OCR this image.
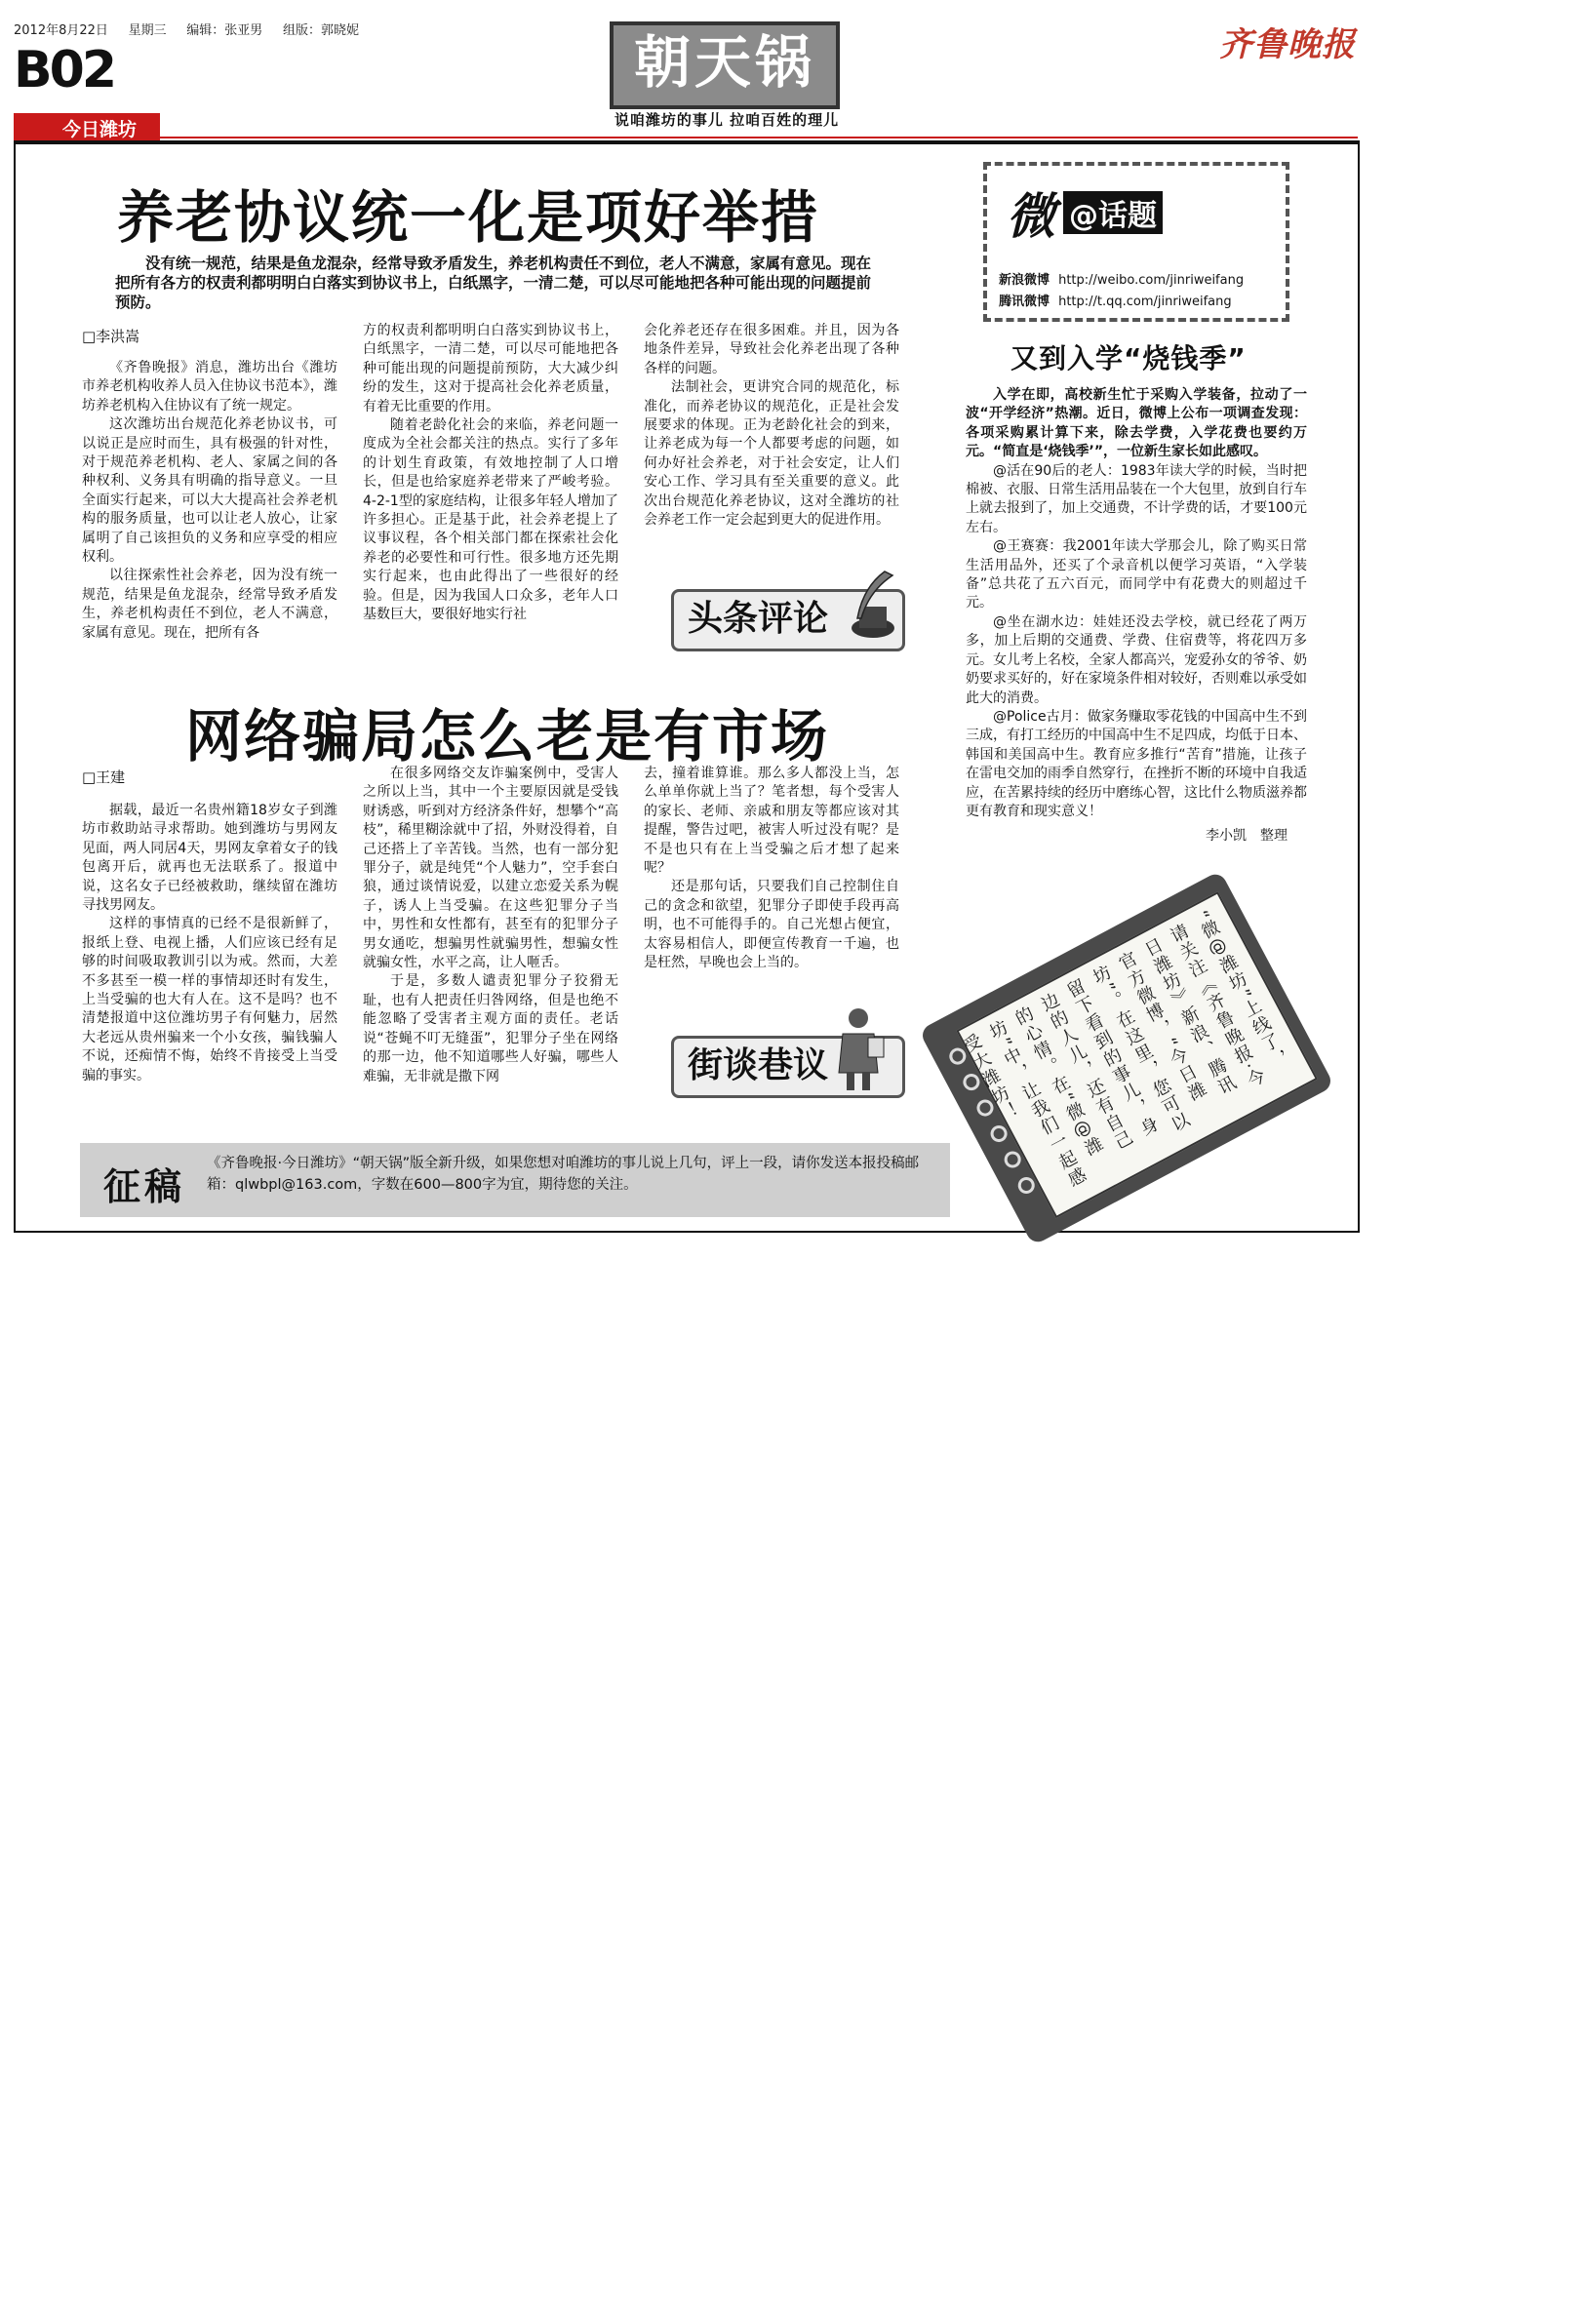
2012年8月22日 星期三 编辑：张亚男 组版：郭晓妮
B02
今日潍坊
朝天锅
说咱潍坊的事儿 拉咱百姓的理儿
齐鲁晚报
养老协议统一化是项好举措
没有统一规范，结果是鱼龙混杂，经常导致矛盾发生，养老机构责任不到位，老人不满意，家属有意见。现在把所有各方的权责利都明明白白落实到协议书上，白纸黑字，一清二楚，可以尽可能地把各种可能出现的问题提前预防。
□李洪嵩

《齐鲁晚报》消息，潍坊出台《潍坊市养老机构收养人员入住协议书范本》，潍坊养老机构入住协议有了统一规定。

这次潍坊出台规范化养老协议书，可以说正是应时而生，具有极强的针对性，对于规范养老机构、老人、家属之间的各种权利、义务具有明确的指导意义。一旦全面实行起来，可以大大提高社会养老机构的服务质量，也可以让老人放心，让家属明了自己该担负的义务和应享受的相应权利。

以往探索性社会养老，因为没有统一规范，结果是鱼龙混杂，经常导致矛盾发生，养老机构责任不到位，老人不满意，家属有意见。现在，把所有各

方的权责利都明明白白落实到协议书上，白纸黑字，一清二楚，可以尽可能地把各种可能出现的问题提前预防，大大减少纠纷的发生，这对于提高社会化养老质量，有着无比重要的作用。

随着老龄化社会的来临，养老问题一度成为全社会都关注的热点。实行了多年的计划生育政策，有效地控制了人口增长，但是也给家庭养老带来了严峻考验。4-2-1型的家庭结构，让很多年轻人增加了许多担心。正是基于此，社会养老提上了议事议程，各个相关部门都在探索社会化养老的必要性和可行性。很多地方还先期实行起来，也由此得出了一些很好的经验。但是，因为我国人口众多，老年人口基数巨大，要很好地实行社

会化养老还存在很多困难。并且，因为各地条件差异，导致社会化养老出现了各种各样的问题。

法制社会，更讲究合同的规范化，标准化，而养老协议的规范化，正是社会发展要求的体现。正为老龄化社会的到来，让养老成为每一个人都要考虑的问题，如何办好社会养老，对于社会安定，让人们安心工作、学习具有至关重要的意义。此次出台规范化养老协议，这对全潍坊的社会养老工作一定会起到更大的促进作用。

头条评论
网络骗局怎么老是有市场
□王建

据载，最近一名贵州籍18岁女子到潍坊市救助站寻求帮助。她到潍坊与男网友见面，两人同居4天，男网友拿着女子的钱包离开后，就再也无法联系了。报道中说，这名女子已经被救助，继续留在潍坊寻找男网友。

这样的事情真的已经不是很新鲜了，报纸上登、电视上播，人们应该已经有足够的时间吸取教训引以为戒。然而，大差不多甚至一模一样的事情却还时有发生，上当受骗的也大有人在。这不是吗？也不清楚报道中这位潍坊男子有何魅力，居然大老远从贵州骗来一个小女孩，骗钱骗人不说，还痴情不悔，始终不肯接受上当受骗的事实。

在很多网络交友诈骗案例中，受害人之所以上当，其中一个主要原因就是受钱财诱惑，听到对方经济条件好，想攀个“高枝”，稀里糊涂就中了招，外财没得着，自己还搭上了辛苦钱。当然，也有一部分犯罪分子，就是纯凭“个人魅力”，空手套白狼，通过谈情说爱，以建立恋爱关系为幌子，诱人上当受骗。在这些犯罪分子当中，男性和女性都有，甚至有的犯罪分子男女通吃，想骗男性就骗男性，想骗女性就骗女性，水平之高，让人咂舌。

于是，多数人谴责犯罪分子狡猾无耻，也有人把责任归咎网络，但是也绝不能忽略了受害者主观方面的责任。老话说“苍蝇不叮无缝蛋”，犯罪分子坐在网络的那一边，他不知道哪些人好骗，哪些人难骗，无非就是撒下网

去，撞着谁算谁。那么多人都没上当，怎么单单你就上当了？笔者想，每个受害人的家长、老师、亲戚和朋友等都应该对其提醒，警告过吧，被害人听过没有呢？是不是也只有在上当受骗之后才想了起来呢？

还是那句话，只要我们自己控制住自己的贪念和欲望，犯罪分子即使手段再高明，也不可能得手的。自己光想占便宜，太容易相信人，即便宣传教育一千遍，也是枉然，早晚也会上当的。

街谈巷议
征稿
《齐鲁晚报·今日潍坊》“朝天锅”版全新升级，如果您想对咱潍坊的事儿说上几句，评上一段，请你发送本报投稿邮箱：qlwbpl@163.com，字数在600—800字为宜，期待您的关注。
微 @话题
新浪微博 http://weibo.com/jinriweifang
腾讯微博 http://t.qq.com/jinriweifang
又到入学“烧钱季”

入学在即，高校新生忙于采购入学装备，拉动了一波“开学经济”热潮。近日，微博上公布一项调查发现：各项采购累计算下来，除去学费，入学花费也要约万元。“简直是‘烧钱季’”，一位新生家长如此感叹。

@活在90后的老人：1983年读大学的时候，当时把棉被、衣服、日常生活用品装在一个大包里，放到自行车上就去报到了，加上交通费，不计学费的话，才要100元左右。

@王赛赛：我2001年读大学那会儿，除了购买日常生活用品外，还买了个录音机以便学习英语，“入学装备”总共花了五六百元，而同学中有花费大的则超过千元。

@坐在湖水边：娃娃还没去学校，就已经花了两万多，加上后期的交通费、学费、住宿费等，将花四万多元。女儿考上名校，全家人都高兴，宠爱孙女的爷爷、奶奶要求买好的，好在家境条件相对较好，否则难以承受如此大的消费。

@Police古月：做家务赚取零花钱的中国高中生不到三成，有打工经历的中国高中生不足四成，均低于日本、韩国和美国高中生。教育应多推行“苦育”措施，让孩子在雷电交加的雨季自然穿行，在挫折不断的环境中自我适应，在苦累持续的经历中磨练心智，这比什么物质滋养都更有教育和现实意义！

李小凯　整理
“微@潍坊”上线了，请关注《齐鲁晚报·今日潍坊》新浪、腾讯官方微博，“今日潍坊”。在这里，您可以留下看到的事儿，身边的人儿，还有自己的心情。在“微@潍坊”中，让我们一起感受大潍坊！
